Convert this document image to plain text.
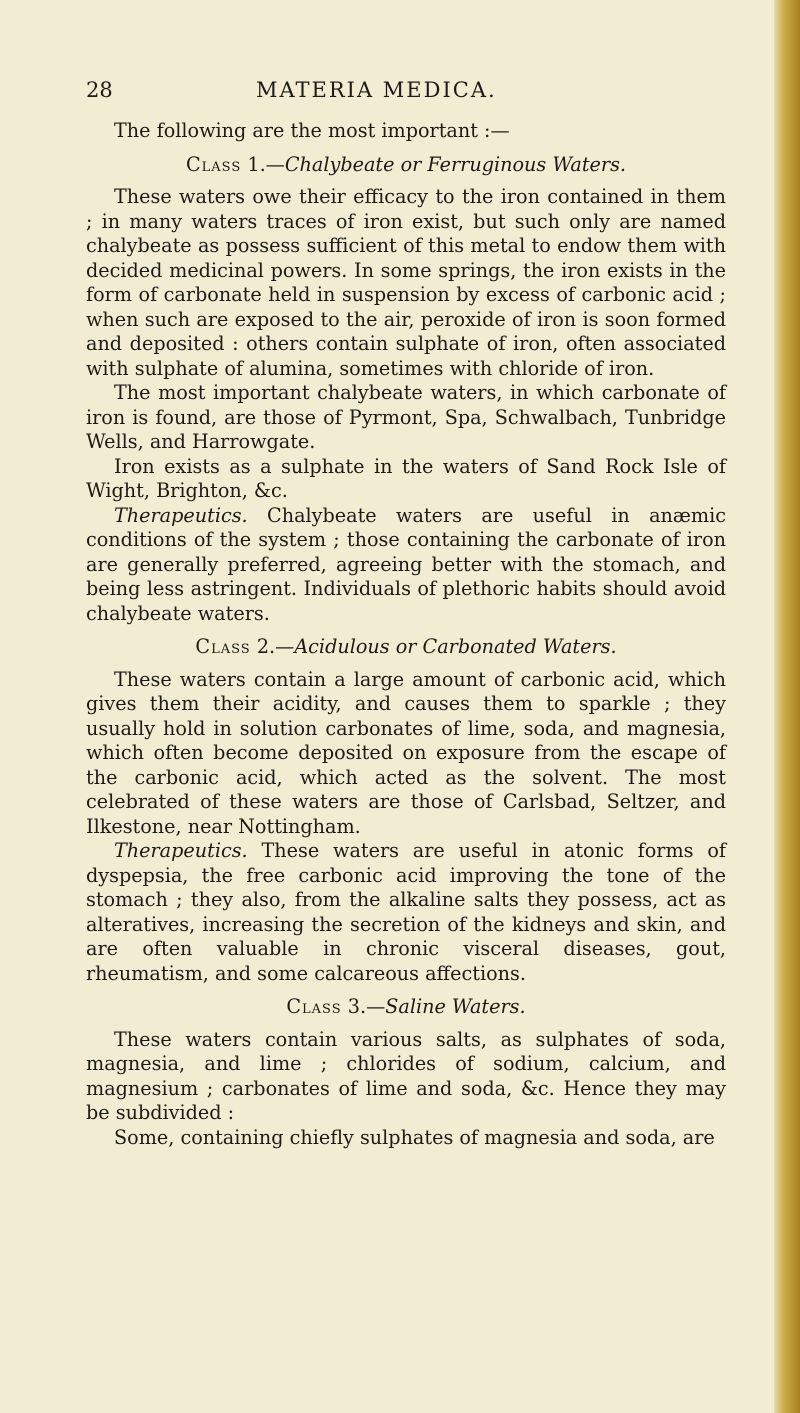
28	MATERIA MEDICA.

The following are the most important :—

Class 1.—Chalybeate or Ferruginous Waters.

These waters owe their efficacy to the iron contained in them ; in many waters traces of iron exist, but such only are named chalybeate as possess sufficient of this metal to endow them with decided medicinal powers. In some springs, the iron exists in the form of carbonate held in suspension by excess of carbonic acid ; when such are exposed to the air, peroxide of iron is soon formed and deposited : others contain sulphate of iron, often associated with sulphate of alumina, sometimes with chloride of iron.

The most important chalybeate waters, in which carbonate of iron is found, are those of Pyrmont, Spa, Schwalbach, Tunbridge Wells, and Harrowgate.

Iron exists as a sulphate in the waters of Sand Rock Isle of Wight, Brighton, &c.

Therapeutics. Chalybeate waters are useful in anæmic conditions of the system ; those containing the carbonate of iron are generally preferred, agreeing better with the stomach, and being less astringent. Individuals of plethoric habits should avoid chalybeate waters.

Class 2.—Acidulous or Carbonated Waters.

These waters contain a large amount of carbonic acid, which gives them their acidity, and causes them to sparkle ; they usually hold in solution carbonates of lime, soda, and magnesia, which often become deposited on exposure from the escape of the carbonic acid, which acted as the solvent. The most celebrated of these waters are those of Carlsbad, Seltzer, and Ilkestone, near Nottingham.

Therapeutics. These waters are useful in atonic forms of dyspepsia, the free carbonic acid improving the tone of the stomach ; they also, from the alkaline salts they possess, act as alteratives, increasing the secretion of the kidneys and skin, and are often valuable in chronic visceral diseases, gout, rheumatism, and some calcareous affections.

Class 3.—Saline Waters.

These waters contain various salts, as sulphates of soda, magnesia, and lime ; chlorides of sodium, calcium, and magnesium ; carbonates of lime and soda, &c. Hence they may be subdivided :

Some, containing chiefly sulphates of magnesia and soda, are
